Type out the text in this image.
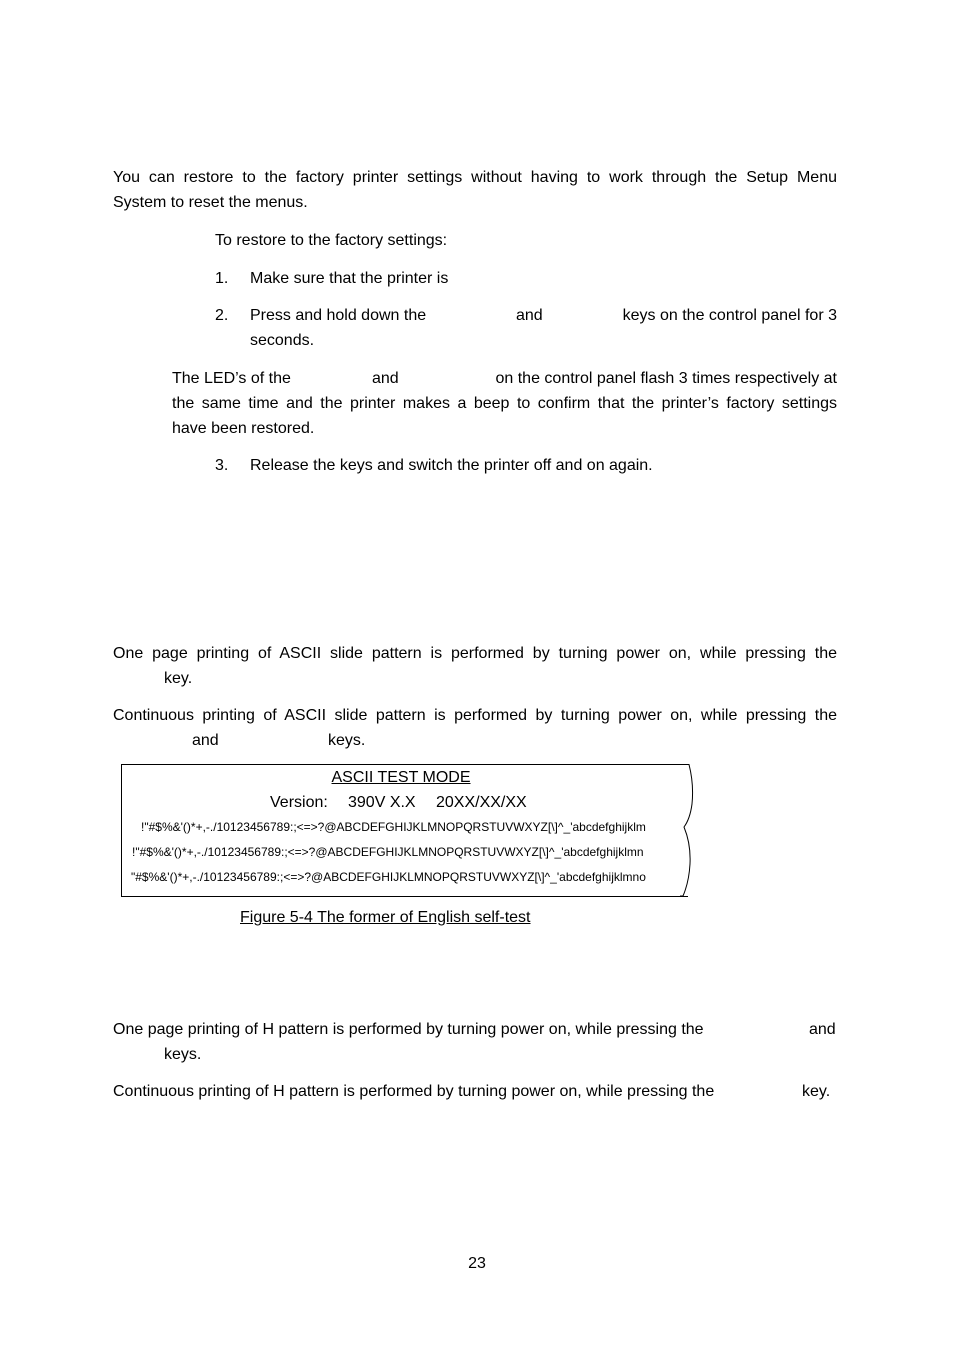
You can restore to the factory printer settings without having to work through the Setup Menu
System to reset the menus.
To restore to the factory settings:
1. Make sure that the printer is
2. Press and hold down the	and	keys on the control panel for 3
seconds.
The LED’s of the	and	on the control panel flash 3 times respectively at
the same time and the printer makes a beep to confirm that the printer’s factory settings
have been restored.
3. Release the keys and switch the printer off and on again.
One page printing of ASCII slide pattern is performed by turning power on, while pressing the
key.
Continuous printing of ASCII slide pattern is performed by turning power on, while pressing the
and	keys.
ASCII TEST MODE
Version: 390V X.X 20XX/XX/XX
!"#$%&'()*+,-./10123456789:;<=>?@ABCDEFGHIJKLMNOPQRSTUVWXYZ[\]^_'abcdefghijklm
!"#$%&'()*+,-./10123456789:;<=>?@ABCDEFGHIJKLMNOPQRSTUVWXYZ[\]^_'abcdefghijklmn
"#$%&'()*+,-./10123456789:;<=>?@ABCDEFGHIJKLMNOPQRSTUVWXYZ[\]^_'abcdefghijklmno
Figure 5-4 The former of English self-test
One page printing of H pattern is performed by turning power on, while pressing the	and
keys.
Continuous printing of H pattern is performed by turning power on, while pressing the	key.
23
